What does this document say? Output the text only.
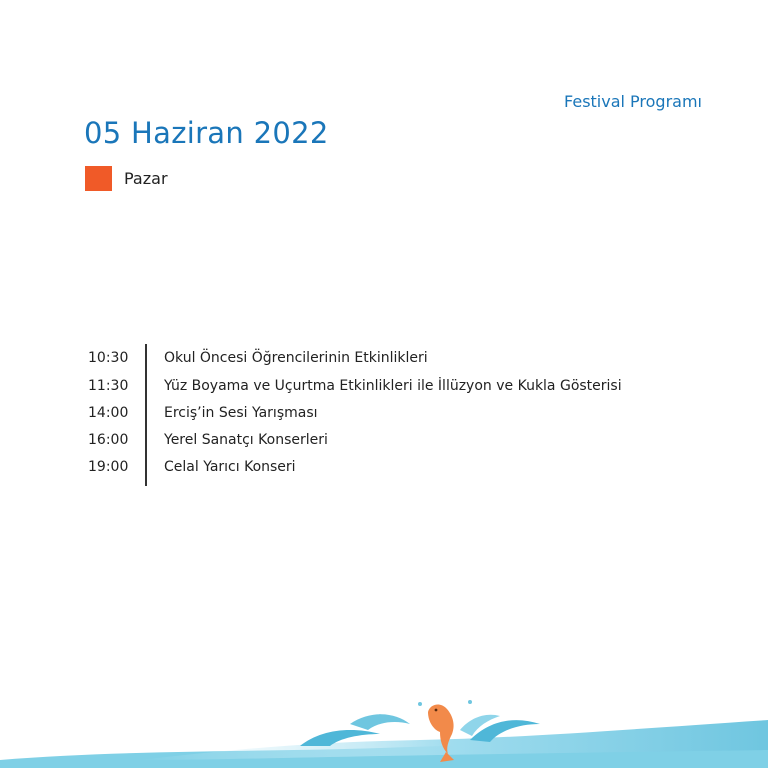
Festival Programı
05 Haziran 2022
Pazar
10:30	Okul Öncesi Öğrencilerinin Etkinlikleri
11:30	Yüz Boyama ve Uçurtma Etkinlikleri ile İllüzyon ve Kukla Gösterisi
14:00	Erciş’in Sesi Yarışması
16:00	Yerel Sanatçı Konserleri
19:00	Celal Yarıcı Konseri
